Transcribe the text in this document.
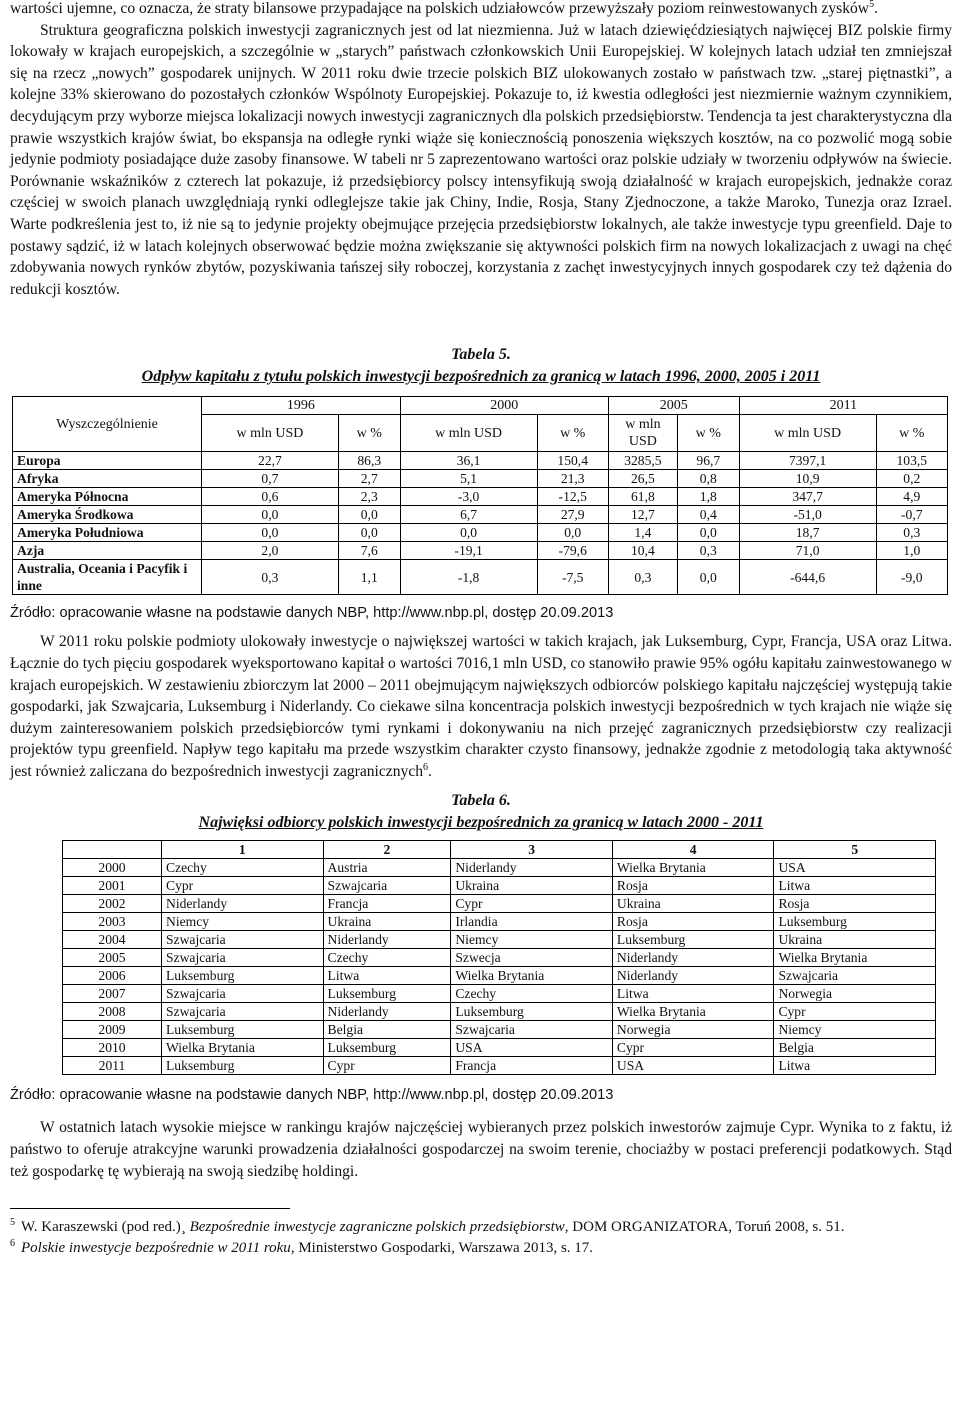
wartości ujemne, co oznacza, że straty bilansowe przypadające na polskich udziałowców przewyższały poziom reinwestowanych zysków$^5$.

Struktura geograficzna polskich inwestycji zagranicznych jest od lat niezmienna. Już w latach dziewięćdziesiątych najwięcej BIZ polskie firmy lokowały w krajach europejskich, a szczególnie w „starych” państwach członkowskich Unii Europejskiej. W kolejnych latach udział ten zmniejszał się na rzecz „nowych” gospodarek unijnych. W 2011 roku dwie trzecie polskich BIZ ulokowanych zostało w państwach tzw. „starej piętnastki”, a kolejne 33% skierowano do pozostałych członków Wspólnoty Europejskiej. Pokazuje to, iż kwestia odległości jest niezmiernie ważnym czynnikiem, decydującym przy wyborze miejsca lokalizacji nowych inwestycji zagranicznych dla polskich przedsiębiorstw. Tendencja ta jest charakterystyczna dla prawie wszystkich krajów świat, bo ekspansja na odległe rynki wiąże się koniecznością ponoszenia większych kosztów, na co pozwolić mogą sobie jedynie podmioty posiadające duże zasoby finansowe. W tabeli nr 5 zaprezentowano wartości oraz polskie udziały w tworzeniu odpływów na świecie. Porównanie wskaźników z czterech lat pokazuje, iż przedsiębiorcy polscy intensyfikują swoją działalność w krajach europejskich, jednakże coraz częściej w swoich planach uwzględniają rynki odleglejsze takie jak Chiny, Indie, Rosja, Stany Zjednoczone, a także Maroko, Tunezja oraz Izrael. Warte podkreślenia jest to, iż nie są to jedynie projekty obejmujące przejęcia przedsiębiorstw lokalnych, ale także inwestycje typu greenfield. Daje to postawy sądzić, iż w latach kolejnych obserwować będzie można zwiększanie się aktywności polskich firm na nowych lokalizacjach z uwagi na chęć zdobywania nowych rynków zbytów, pozyskiwania tańszej siły roboczej, korzystania z zachęt inwestycyjnych innych gospodarek czy też dążenia do redukcji kosztów.

Tabela 5.
Odpływ kapitału z tytułu polskich inwestycji bezpośrednich za granicą w latach 1996, 2000, 2005 i 2011
Wyszczególnienie	1996		2000		2005		2011	
	w mln USD	w %	w mln USD	w %	w mln USD	w %	w mln USD	w %
Europa	22,7	86,3	36,1	150,4	3285,5	96,7	7397,1	103,5
Afryka	0,7	2,7	5,1	21,3	26,5	0,8	10,9	0,2
Ameryka Północna	0,6	2,3	-3,0	-12,5	61,8	1,8	347,7	4,9
Ameryka Środkowa	0,0	0,0	6,7	27,9	12,7	0,4	-51,0	-0,7
Ameryka Południowa	0,0	0,0	0,0	0,0	1,4	0,0	18,7	0,3
Azja	2,0	7,6	-19,1	-79,6	10,4	0,3	71,0	1,0
Australia, Oceania i Pacyfik i inne	0,3	1,1	-1,8	-7,5	0,3	0,0	-644,6	-9,0
Źródło: opracowanie własne na podstawie danych NBP, http://www.nbp.pl, dostęp 20.09.2013

W 2011 roku polskie podmioty ulokowały inwestycje o największej wartości w takich krajach, jak Luksemburg, Cypr, Francja, USA oraz Litwa. Łącznie do tych pięciu gospodarek wyeksportowano kapitał o wartości 7016,1 mln USD, co stanowiło prawie 95% ogółu kapitału zainwestowanego w krajach europejskich. W zestawieniu zbiorczym lat 2000 – 2011 obejmującym największych odbiorców polskiego kapitału najczęściej występują takie gospodarki, jak Szwajcaria, Luksemburg i Niderlandy. Co ciekawe silna koncentracja polskich inwestycji bezpośrednich w tych krajach nie wiąże się dużym zainteresowaniem polskich przedsiębiorców tymi rynkami i dokonywaniu na nich przejęć zagranicznych przedsiębiorstw czy realizacji projektów typu greenfield. Napływ tego kapitału ma przede wszystkim charakter czysto finansowy, jednakże zgodnie z metodologią taka aktywność jest również zaliczana do bezpośrednich inwestycji zagranicznych$^6$.

Tabela 6.
Najwięksi odbiorcy polskich inwestycji bezpośrednich za granicą w latach 2000 - 2011
	1	2	3	4	5
2000	Czechy	Austria	Niderlandy	Wielka Brytania	USA
2001	Cypr	Szwajcaria	Ukraina	Rosja	Litwa
2002	Niderlandy	Francja	Cypr	Ukraina	Rosja
2003	Niemcy	Ukraina	Irlandia	Rosja	Luksemburg
2004	Szwajcaria	Niderlandy	Niemcy	Luksemburg	Ukraina
2005	Szwajcaria	Czechy	Szwecja	Niderlandy	Wielka Brytania
2006	Luksemburg	Litwa	Wielka Brytania	Niderlandy	Szwajcaria
2007	Szwajcaria	Luksemburg	Czechy	Litwa	Norwegia
2008	Szwajcaria	Niderlandy	Luksemburg	Wielka Brytania	Cypr
2009	Luksemburg	Belgia	Szwajcaria	Norwegia	Niemcy
2010	Wielka Brytania	Luksemburg	USA	Cypr	Belgia
2011	Luksemburg	Cypr	Francja	USA	Litwa
Źródło: opracowanie własne na podstawie danych NBP, http://www.nbp.pl, dostęp 20.09.2013

W ostatnich latach wysokie miejsce w rankingu krajów najczęściej wybieranych przez polskich inwestorów zajmuje Cypr. Wynika to z faktu, iż państwo to oferuje atrakcyjne warunki prowadzenia działalności gospodarczej na swoim terenie, chociażby w postaci preferencji podatkowych. Stąd też gospodarkę tę wybierają na swoją siedzibę holdingi.

$^5$ W. Karaszewski (pod red.)¸ Bezpośrednie inwestycje zagraniczne polskich przedsiębiorstw, DOM ORGANIZATORA, Toruń 2008, s. 51.
$^6$ Polskie inwestycje bezpośrednie w 2011 roku, Ministerstwo Gospodarki, Warszawa 2013, s. 17.
